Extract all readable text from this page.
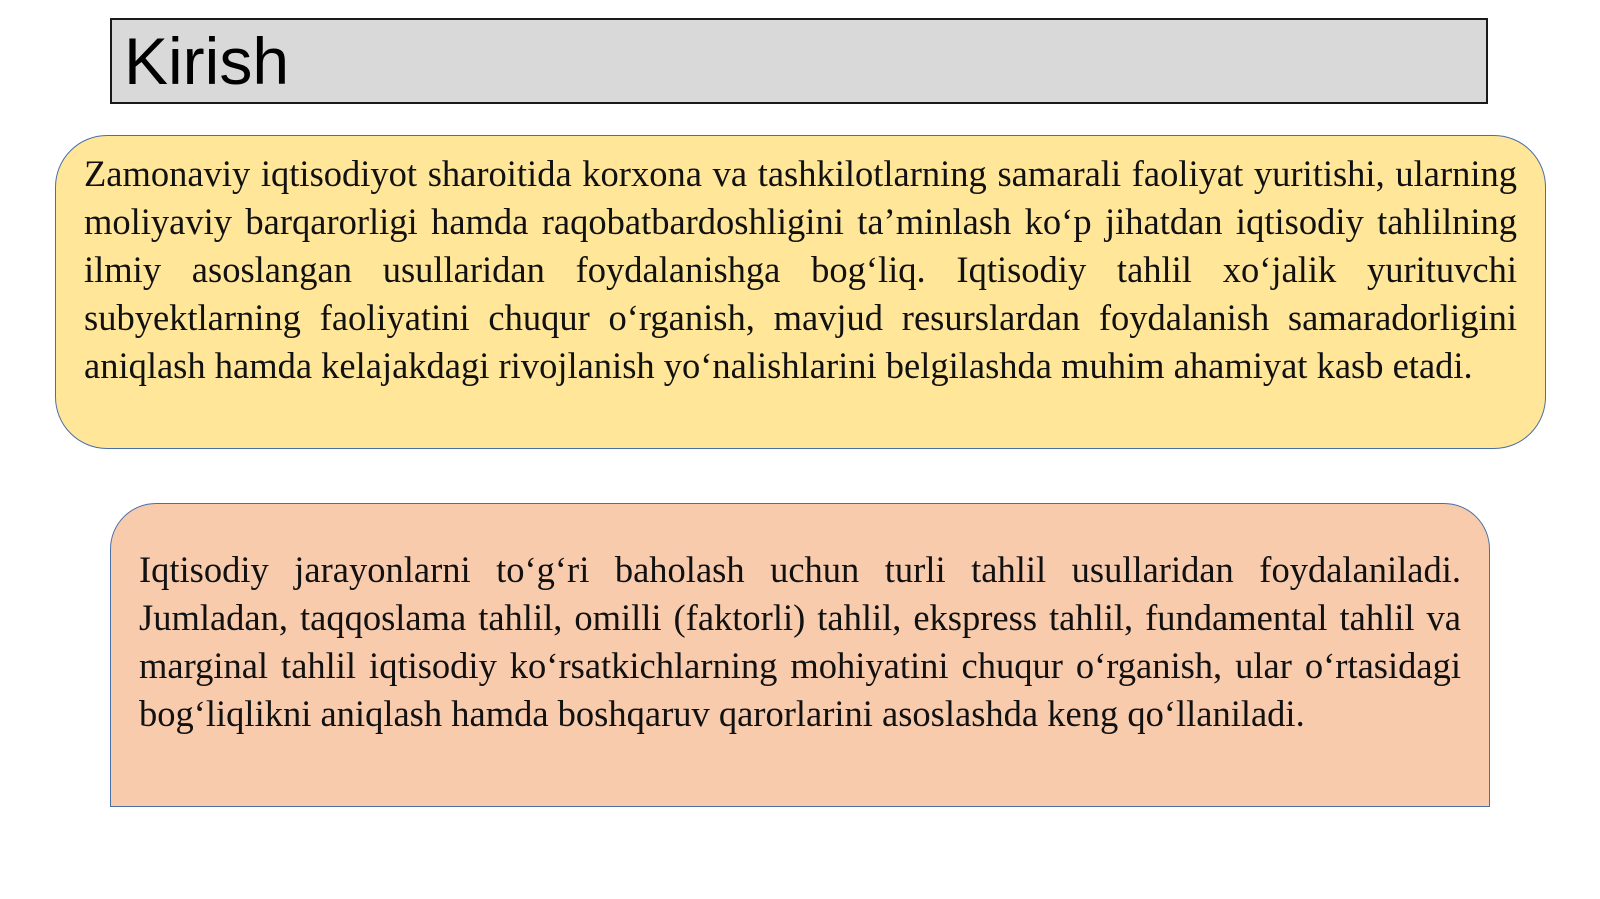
Kirish

Zamonaviy iqtisodiyot sharoitida korxona va tashkilotlarning samarali faoliyat yuritishi, ularning moliyaviy barqarorligi hamda raqobatbardoshligini ta’minlash ko‘p jihatdan iqtisodiy tahlilning ilmiy asoslangan usullaridan foydalanishga bog‘liq. Iqtisodiy tahlil xo‘jalik yurituvchi subyektlarning faoliyatini chuqur o‘rganish, mavjud resurslardan foydalanish samaradorligini aniqlash hamda kelajakdagi rivojlanish yo‘nalishlarini belgilashda muhim ahamiyat kasb etadi.

Iqtisodiy jarayonlarni to‘g‘ri baholash uchun turli tahlil usullaridan foydalaniladi. Jumladan, taqqoslama tahlil, omilli (faktorli) tahlil, ekspress tahlil, fundamental tahlil va marginal tahlil iqtisodiy ko‘rsatkichlarning mohiyatini chuqur o‘rganish, ular o‘rtasidagi bog‘liqlikni aniqlash hamda boshqaruv qarorlarini asoslashda keng qo‘llaniladi.
